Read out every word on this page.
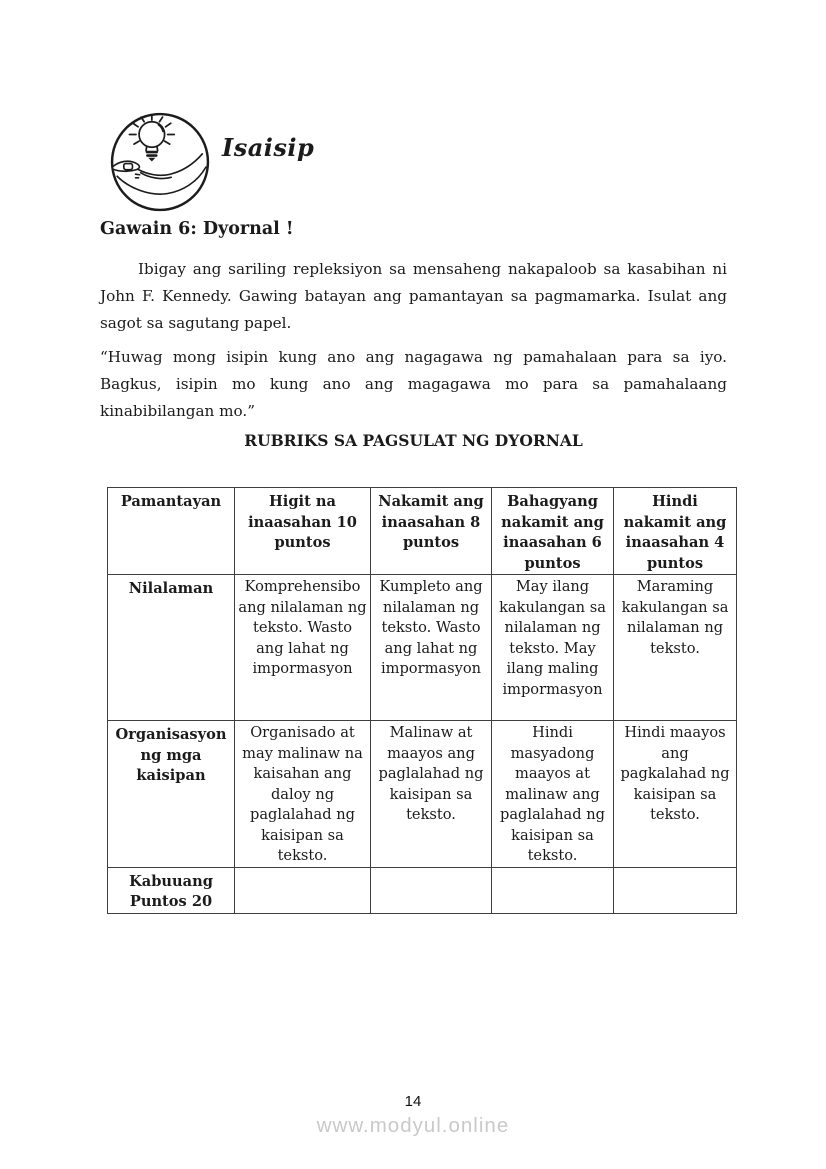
Isaisip
Gawain 6: Dyornal !

Ibigay ang sariling repleksiyon sa mensaheng nakapaloob sa kasabihan ni John F. Kennedy. Gawing batayan ang pamantayan sa pagmamarka. Isulat ang sagot sa sagutang papel.

“Huwag mong isipin kung ano ang nagagawa ng pamahalaan para sa iyo. Bagkus, isipin mo kung ano ang magagawa mo para sa pamahalaang kinabibilangan mo.”

RUBRIKS SA PAGSULAT NG DYORNAL
Pamantayan	Higit na inaasahan 10 puntos	Nakamit ang inaasahan 8 puntos	Bahagyang nakamit ang inaasahan 6 puntos	Hindi nakamit ang inaasahan 4 puntos
Nilalaman	Komprehensibo ang nilalaman ng teksto. Wasto ang lahat ng impormasyon	Kumpleto ang nilalaman ng teksto. Wasto ang lahat ng impormasyon	May ilang kakulangan sa nilalaman ng teksto. May ilang maling impormasyon	Maraming kakulangan sa nilalaman ng teksto.
Organisasyon ng mga kaisipan	Organisado at may malinaw na kaisahan ang daloy ng paglalahad ng kaisipan sa teksto.	Malinaw at maayos ang paglalahad ng kaisipan sa teksto.	Hindi masyadong maayos at malinaw ang paglalahad ng kaisipan sa teksto.	Hindi maayos ang pagkalahad ng kaisipan sa teksto.
Kabuuang Puntos 20				
14
www.modyul.online
